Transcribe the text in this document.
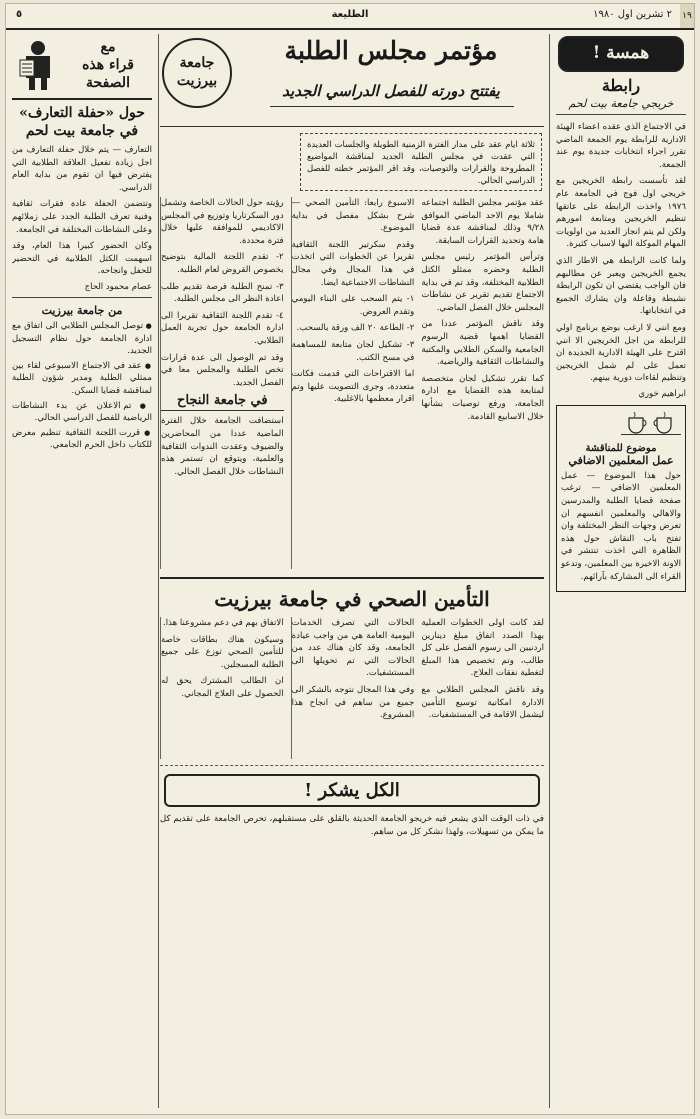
٥	الطليعة	٢ تشرين اول ١٩٨٠ ١٩
همسة !
رابطة
خريجي جامعة بيت لحم

في الاجتماع الذي عقده اعضاء الهيئة الادارية للرابطة يوم الجمعة الماضي تقرر اجراء انتخابات جديدة يوم عند الجمعة.

لقد تأسست رابطة الخريجين مع خريجي اول فوج في الجامعة عام ١٩٧٦ واخذت الرابطة على عاتقها تنظيم الخريجين ومتابعة امورهم ولكن لم يتم انجاز العديد من اولويات المهام الموكلة اليها لاسباب كثيرة.

ولما كانت الرابطة هي الاطار الذي يجمع الخريجين ويعبر عن مطالبهم فان الواجب يقتضي ان تكون الرابطة نشيطة وفاعلة وان يشارك الجميع في انتخاباتها.

ومع انني لا ارغب بوضع برنامج اولي للرابطة من اجل الخريجين الا انني اقترح على الهيئة الادارية الجديدة ان تعمل على لم شمل الخريجين وتنظيم لقاءات دورية بينهم.

ابراهيم خوري
موضوع للمناقشة
عمل المعلمين الاضافي

حول هذا الموضوع — عمل المعلمين الاضافي — ترغب صفحة قضايا الطلبة والمدرسين والاهالي والمعلمين انفسهم ان تعرض وجهات النظر المختلفة وان تفتح باب النقاش حول هذه الظاهرة التي اخذت تنتشر في الاونة الاخيرة بين المعلمين، وتدعو القراء الى المشاركة بآرائهم.

مؤتمر مجلس الطلبة
يفتتح دورته للفصل الدراسي الجديد
جامعة
بيرزيت
ثلاثة ايام عقد على مدار الفترة الزمنية الطويلة والجلسات العديدة التي عقدت في مجلس الطلبة الجديد لمناقشة المواضيع المطروحة والقرارات والتوصيات، وقد اقر المؤتمر خطته للفصل الدراسي الحالي.

عقد مؤتمر مجلس الطلبة اجتماعه شاملا يوم الاحد الماضي الموافق ٩/٢٨ وذلك لمناقشة عدة قضايا هامة وتحديد القرارات السابقة.

وترأس المؤتمر رئيس مجلس الطلبة وحضره ممثلو الكتل الطلابية المختلفة، وقد تم في بداية الاجتماع تقديم تقرير عن نشاطات المجلس خلال الفصل الماضي.

وقد ناقش المؤتمر عددا من القضايا اهمها قضية الرسوم الجامعية والسكن الطلابي والمكتبة والنشاطات الثقافية والرياضية.

كما تقرر تشكيل لجان متخصصة لمتابعة هذه القضايا مع ادارة الجامعة، ورفع توصيات بشأنها خلال الاسابيع القادمة.

الاسبوع رابعا: التأمين الصحي — شرح بشكل مفصل في بداية الموضوع.

وقدم سكرتير اللجنة الثقافية تقريرا عن الخطوات التي اتخذت في هذا المجال وفي مجال النشاطات الاجتماعية ايضا.

١- يتم السحب على البناء اليومي وتقدم العروض.

٢- الطاعة ٢٠ الف ورقة بالسحب.

٣- تشكيل لجان متابعة للمساهمة في مسح الكتب.

اما الاقتراحات التي قدمت فكانت متعددة، وجرى التصويت عليها وتم اقرار معظمها بالاغلبية.

رؤيته حول الحالات الخاصة وتشمل دور السكرتاريا وتوزيع في المجلس الاكاديمي للموافقة عليها خلال فترة محددة.

٢- تقدم اللجنة المالية بتوضيح بخصوص القروض لعام الطلبة.

٣- تمنح الطلبة فرصة تقديم طلب اعادة النظر الى مجلس الطلبة.

٤- تقدم اللجنة الثقافية تقريرا الى ادارة الجامعة حول تجربة العمل الطلابي.

وقد تم الوصول الى عدة قرارات تخص الطلبة والمجلس معا في الفصل الجديد.

في جامعة النجاح

استضافت الجامعة خلال الفترة الماضية عددا من المحاضرين والضيوف وعقدت الندوات الثقافية والعلمية، ويتوقع ان تستمر هذه النشاطات خلال الفصل الحالي.

التأمين الصحي في جامعة بيرزيت

لقد كانت اولى الخطوات العملية بهذا الصدد اتفاق مبلغ دينارين اردنيين الى رسوم الفصل على كل طالب، وتم تخصيص هذا المبلغ لتغطية نفقات العلاج.

وقد ناقش المجلس الطلابي مع الادارة امكانية توسيع التأمين ليشمل الاقامة في المستشفيات.

الحالات التي تصرف الخدمات اليومية العامة هي من واجب عيادة الجامعة، وقد كان هناك عدد من الحالات التي تم تحويلها الى المستشفيات.

وفي هذا المجال نتوجه بالشكر الى جميع من ساهم في انجاح هذا المشروع.

الاتفاق بهم في دعم مشروعنا هذا.

وسيكون هناك بطاقات خاصة للتأمين الصحي توزع على جميع الطلبة المسجلين.

ان الطالب المشترك يحق له الحصول على العلاج المجاني.

الكل يشكر !

في ذات الوقت الذي يشعر فيه خريجو الجامعة الحديثة بالقلق على مستقبلهم، تحرص الجامعة على تقديم كل ما يمكن من تسهيلات، ولهذا نشكر كل من ساهم.

مع
قراء هذه
الصفحة
حول «حفلة التعارف» في جامعة بيت لحم

التعارف — يتم خلال حفلة التعارف من اجل زيادة تفعيل العلاقة الطلابية التي يفترض فيها ان تقوم من بداية العام الدراسي.

وتتضمن الحفلة عادة فقرات ثقافية وفنية تعرف الطلبة الجدد على زملائهم وعلى النشاطات المختلفة في الجامعة.

وكان الحضور كبيرا هذا العام، وقد اسهمت الكتل الطلابية في التحضير للحفل وانجاحه.

عصام محمود الحاج
من جامعة بيرزيت

● توصل المجلس الطلابي الى اتفاق مع ادارة الجامعة حول نظام التسجيل الجديد.

● عقد في الاجتماع الاسبوعي لقاء بين ممثلي الطلبة ومدير شؤون الطلبة لمناقشة قضايا السكن.

● تم الاعلان عن بدء النشاطات الرياضية للفصل الدراسي الحالي.

● قررت اللجنة الثقافية تنظيم معرض للكتاب داخل الحرم الجامعي.
